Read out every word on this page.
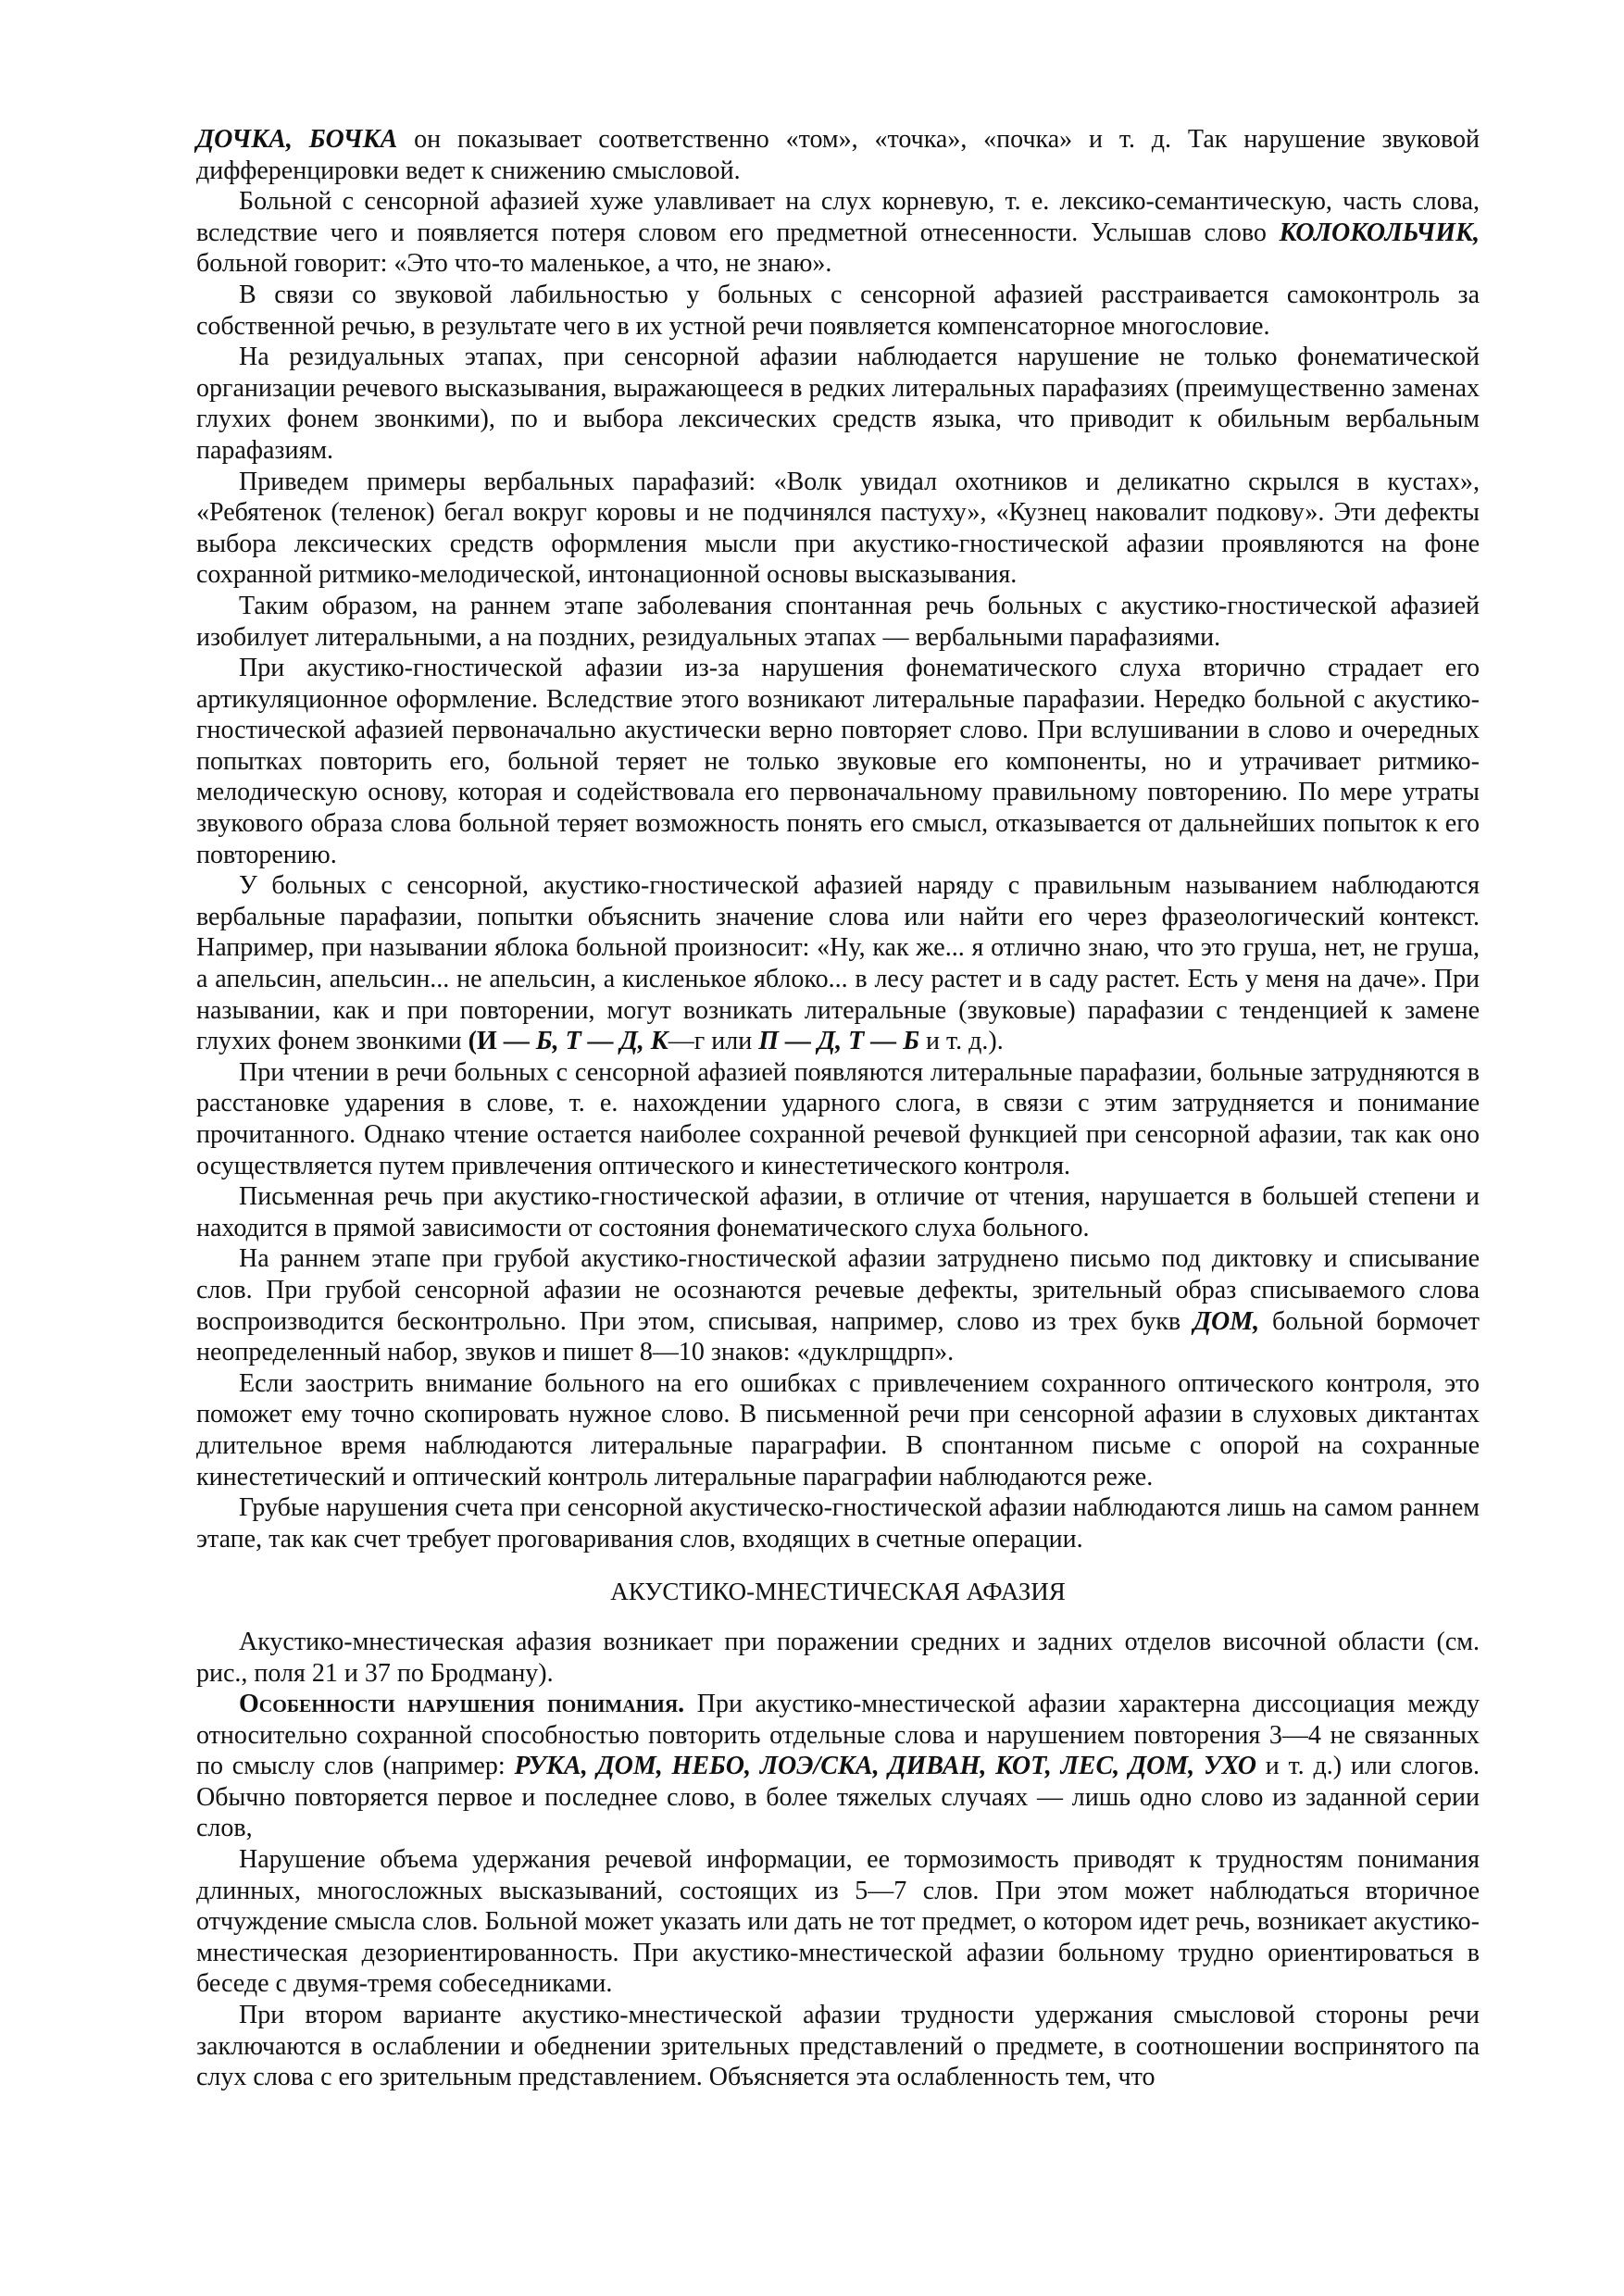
ДОЧКА, БОЧКА он показывает соответственно «том», «точка», «почка» и т. д. Так нарушение звуковой дифференцировки ведет к снижению смысловой.

Больной с сенсорной афазией хуже улавливает на слух корневую, т. е. лексико-семантическую, часть слова, вследствие чего и появляется потеря словом его предметной отнесенности. Услышав слово КОЛОКОЛЬЧИК, больной говорит: «Это что-то маленькое, а что, не знаю».

В связи со звуковой лабильностью у больных с сенсорной афазией расстраивается самоконтроль за собственной речью, в результате чего в их устной речи появляется компенсаторное многословие.

На резидуальных этапах, при сенсорной афазии наблюдается нарушение не только фонематической организации речевого высказывания, выражающееся в редких литеральных парафазиях (преимущественно заменах глухих фонем звонкими), по и выбора лексических средств языка, что приводит к обильным вербальным парафазиям.

Приведем примеры вербальных парафазий: «Волк увидал охотников и деликатно скрылся в кустах», «Ребятенок (теленок) бегал вокруг коровы и не подчинялся пастуху», «Кузнец наковалит подкову». Эти дефекты выбора лексических средств оформления мысли при акустико-гностической афазии проявляются на фоне сохранной ритмико-мелодической, интонационной основы высказывания.

Таким образом, на раннем этапе заболевания спонтанная речь больных с акустико-гностической афазией изобилует литеральными, а на поздних, резидуальных этапах — вербальными парафазиями.

При акустико-гностической афазии из-за нарушения фонематического слуха вторично страдает его артикуляционное оформление. Вследствие этого возникают литеральные парафазии. Нередко больной с акустико-гностической афазией первоначально акустически верно повторяет слово. При вслушивании в слово и очередных попытках повторить его, больной теряет не только звуковые его компоненты, но и утрачивает ритмико-мелодическую основу, которая и содействовала его первоначальному правильному повторению. По мере утраты звукового образа слова больной теряет возможность понять его смысл, отказывается от дальнейших попыток к его повторению.

У больных с сенсорной, акустико-гностической афазией наряду с правильным называнием наблюдаются вербальные парафазии, попытки объяснить значение слова или найти его через фразеологический контекст. Например, при назывании яблока больной произносит: «Ну, как же... я отлично знаю, что это груша, нет, не груша, а апельсин, апельсин... не апельсин, а кисленькое яблоко... в лесу растет и в саду растет. Есть у меня на даче». При назывании, как и при повторении, могут возникать литеральные (звуковые) парафазии с тенденцией к замене глухих фонем звонкими (И — Б, Т — Д, К—г или П — Д, Т — Б и т. д.).

При чтении в речи больных с сенсорной афазией появляются литеральные парафазии, больные затрудняются в расстановке ударения в слове, т. е. нахождении ударного слога, в связи с этим затрудняется и понимание прочитанного. Однако чтение остается наиболее сохранной речевой функцией при сенсорной афазии, так как оно осуществляется путем привлечения оптического и кинестетического контроля.

Письменная речь при акустико-гностической афазии, в отличие от чтения, нарушается в большей степени и находится в прямой зависимости от состояния фонематического слуха больного.

На раннем этапе при грубой акустико-гностической афазии затруднено письмо под диктовку и списывание слов. При грубой сенсорной афазии не осознаются речевые дефекты, зрительный образ списываемого слова воспроизводится бесконтрольно. При этом, списывая, например, слово из трех букв ДОМ, больной бормочет неопределенный набор, звуков и пишет 8—10 знаков: «дуклрщдрп».

Если заострить внимание больного на его ошибках с привлечением сохранного оптического контроля, это поможет ему точно скопировать нужное слово. В письменной речи при сенсорной афазии в слуховых диктантах длительное время наблюдаются литеральные параграфии. В спонтанном письме с опорой на сохранные кинестетический и оптический контроль литеральные параграфии наблюдаются реже.

Грубые нарушения счета при сенсорной акустическо-гностической афазии наблюдаются лишь на самом раннем этапе, так как счет требует проговаривания слов, входящих в счетные операции.

АКУСТИКО-МНЕСТИЧЕСКАЯ АФАЗИЯ

Акустико-мнестическая афазия возникает при поражении средних и задних отделов височной области (см. рис., поля 21 и 37 по Бродману).

Особенности нарушения понимания. При акустико-мнестической афазии характерна диссоциация между относительно сохранной способностью повторить отдельные слова и нарушением повторения 3—4 не связанных по смыслу слов (например: РУКА, ДОМ, НЕБО, ЛОЭ/СКА, ДИВАН, КОТ, ЛЕС, ДОМ, УХО и т. д.) или слогов. Обычно повторяется первое и последнее слово, в более тяжелых случаях — лишь одно слово из заданной серии слов,

Нарушение объема удержания речевой информации, ее тормозимость приводят к трудностям понимания длинных, многосложных высказываний, состоящих из 5—7 слов. При этом может наблюдаться вторичное отчуждение смысла слов. Больной может указать или дать не тот предмет, о котором идет речь, возникает акустико-мнестическая дезориентированность. При акустико-мнестической афазии больному трудно ориентироваться в беседе с двумя-тремя собеседниками.

При втором варианте акустико-мнестической афазии трудности удержания смысловой стороны речи заключаются в ослаблении и обеднении зрительных представлений о предмете, в соотношении воспринятого па слух слова с его зрительным представлением. Объясняется эта ослабленность тем, что
